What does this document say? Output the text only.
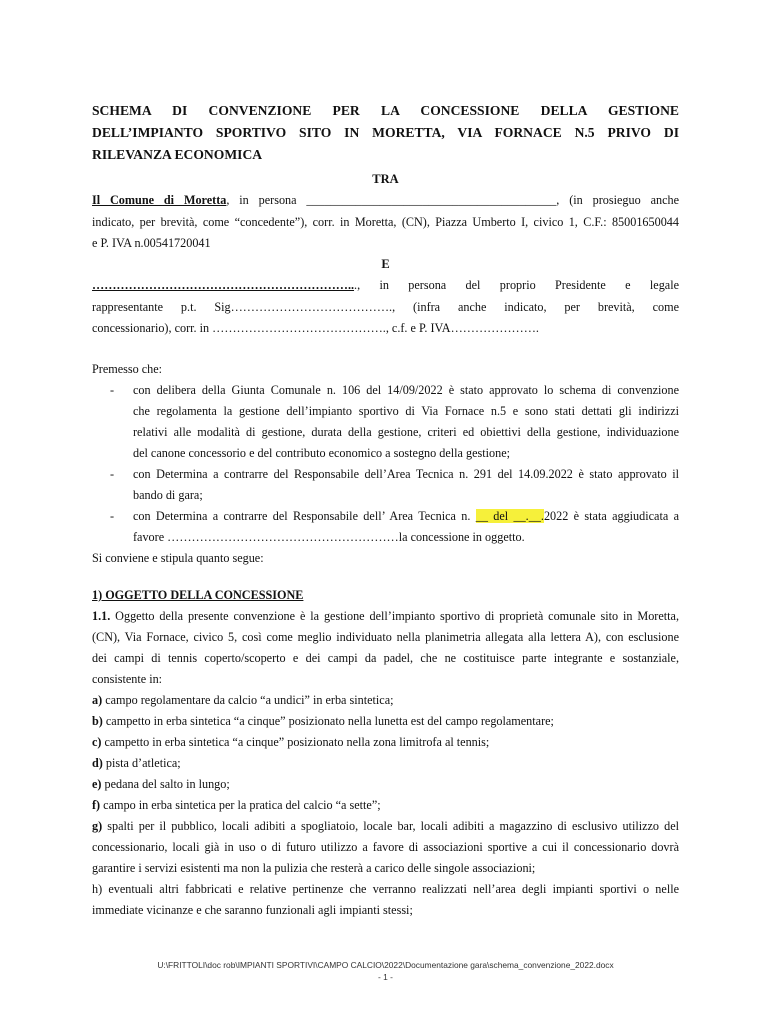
SCHEMA DI CONVENZIONE PER LA CONCESSIONE DELLA GESTIONE
DELL’IMPIANTO SPORTIVO SITO IN MORETTA, VIA FORNACE N.5 PRIVO DI
RILEVANZA ECONOMICA
TRA
Il Comune di Moretta, in persona _________________________________________, (in prosieguo anche
indicato, per brevità, come “concedente”), corr. in Moretta, (CN), Piazza Umberto I, civico 1, C.F.: 85001650044
e P. IVA n.00541720041
E
………………………………………………………..., in persona del proprio Presidente e legale
rappresentante p.t. Sig…………………………………., (infra anche indicato, per brevità, come
concessionario), corr. in ……………………………………., c.f. e P. IVA………………….
Premesso che:
- con delibera della Giunta Comunale n. 106 del 14/09/2022 è stato approvato lo schema di convenzione
che regolamenta la gestione dell’impianto sportivo di Via Fornace n.5 e sono stati dettati gli indirizzi
relativi alle modalità di gestione, durata della gestione, criteri ed obiettivi della gestione, individuazione
del canone concessorio e del contributo economico a sostegno della gestione;
- con Determina a contrarre del Responsabile dell’Area Tecnica n. 291 del 14.09.2022 è stato approvato il
bando di gara;
- con Determina a contrarre del Responsabile dell’ Area Tecnica n. __ del __.__.2022 è stata aggiudicata a
favore …………………………………………………la concessione in oggetto.
Si conviene e stipula quanto segue:
1) OGGETTO DELLA CONCESSIONE
1.1. Oggetto della presente convenzione è la gestione dell’impianto sportivo di proprietà comunale sito in Moretta,
(CN), Via Fornace, civico 5, così come meglio individuato nella planimetria allegata alla lettera A), con esclusione
dei campi di tennis coperto/scoperto e dei campi da padel, che ne costituisce parte integrante e sostanziale,
consistente in:
a) campo regolamentare da calcio “a undici” in erba sintetica;
b) campetto in erba sintetica “a cinque” posizionato nella lunetta est del campo regolamentare;
c) campetto in erba sintetica “a cinque” posizionato nella zona limitrofa al tennis;
d) pista d’atletica;
e) pedana del salto in lungo;
f) campo in erba sintetica per la pratica del calcio “a sette”;
g) spalti per il pubblico, locali adibiti a spogliatoio, locale bar, locali adibiti a magazzino di esclusivo utilizzo del
concessionario, locali già in uso o di futuro utilizzo a favore di associazioni sportive a cui il concessionario dovrà
garantire i servizi esistenti ma non la pulizia che resterà a carico delle singole associazioni;
h) eventuali altri fabbricati e relative pertinenze che verranno realizzati nell’area degli impianti sportivi o nelle
immediate vicinanze e che saranno funzionali agli impianti stessi;
U:\FRITTOLI\doc rob\IMPIANTI SPORTIVI\CAMPO CALCIO\2022\Documentazione gara\schema_convenzione_2022.docx
- 1 -
